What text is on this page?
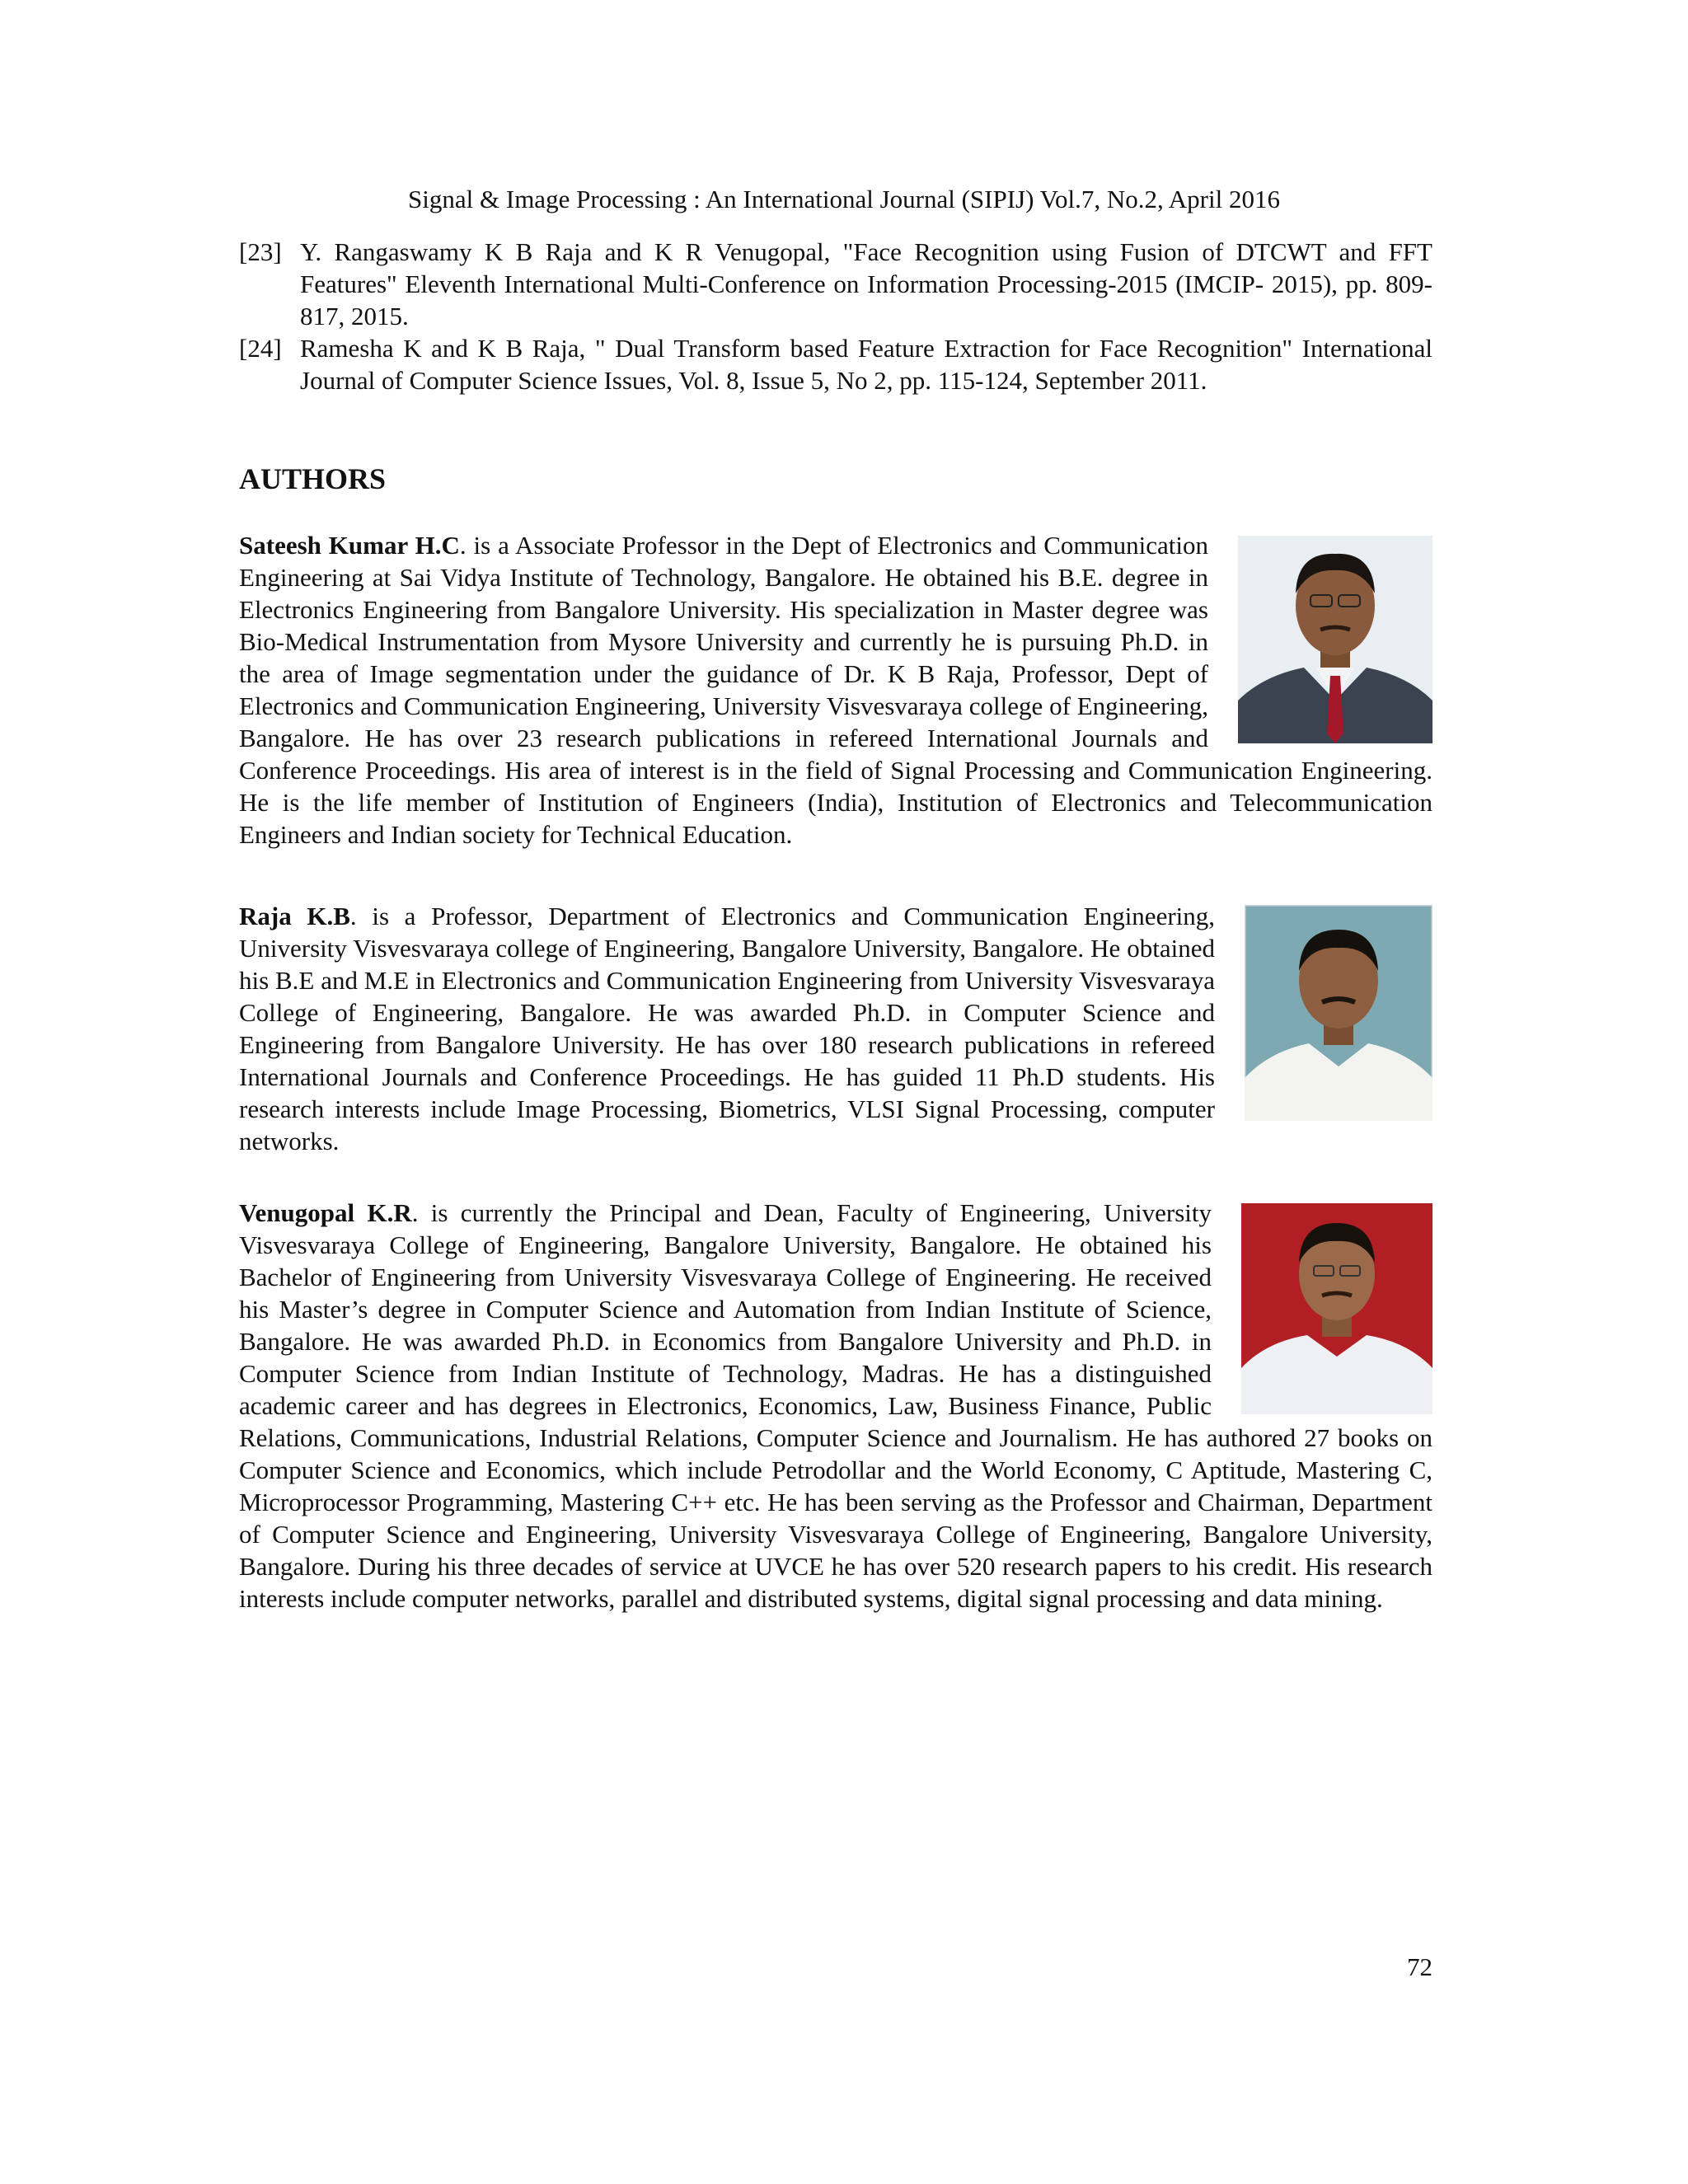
Signal & Image Processing : An International Journal (SIPIJ) Vol.7, No.2, April 2016
[23] Y. Rangaswamy K B Raja and K R Venugopal, "Face Recognition using Fusion of DTCWT and FFT Features" Eleventh International Multi-Conference on Information Processing-2015 (IMCIP- 2015), pp. 809-817, 2015.
[24] Ramesha K and K B Raja, " Dual Transform based Feature Extraction for Face Recognition" International Journal of Computer Science Issues, Vol. 8, Issue 5, No 2, pp. 115-124, September 2011.
AUTHORS

Sateesh Kumar H.C. is a Associate Professor in the Dept of Electronics and Communication Engineering at Sai Vidya Institute of Technology, Bangalore. He obtained his B.E. degree in Electronics Engineering from Bangalore University. His specialization in Master degree was Bio-Medical Instrumentation from Mysore University and currently he is pursuing Ph.D. in the area of Image segmentation under the guidance of Dr. K B Raja, Professor, Dept of Electronics and Communication Engineering, University Visvesvaraya college of Engineering, Bangalore. He has over 23 research publications in refereed International Journals and Conference Proceedings. His area of interest is in the field of Signal Processing and Communication Engineering. He is the life member of Institution of Engineers (India), Institution of Electronics and Telecommunication Engineers and Indian society for Technical Education.

Raja K.B. is a Professor, Department of Electronics and Communication Engineering, University Visvesvaraya college of Engineering, Bangalore University, Bangalore. He obtained his B.E and M.E in Electronics and Communication Engineering from University Visvesvaraya College of Engineering, Bangalore. He was awarded Ph.D. in Computer Science and Engineering from Bangalore University. He has over 180 research publications in refereed International Journals and Conference Proceedings. He has guided 11 Ph.D students. His research interests include Image Processing, Biometrics, VLSI Signal Processing, computer networks.

Venugopal K.R. is currently the Principal and Dean, Faculty of Engineering, University Visvesvaraya College of Engineering, Bangalore University, Bangalore. He obtained his Bachelor of Engineering from University Visvesvaraya College of Engineering. He received his Master’s degree in Computer Science and Automation from Indian Institute of Science, Bangalore. He was awarded Ph.D. in Economics from Bangalore University and Ph.D. in Computer Science from Indian Institute of Technology, Madras. He has a distinguished academic career and has degrees in Electronics, Economics, Law, Business Finance, Public Relations, Communications, Industrial Relations, Computer Science and Journalism. He has authored 27 books on Computer Science and Economics, which include Petrodollar and the World Economy, C Aptitude, Mastering C, Microprocessor Programming, Mastering C++ etc. He has been serving as the Professor and Chairman, Department of Computer Science and Engineering, University Visvesvaraya College of Engineering, Bangalore University, Bangalore. During his three decades of service at UVCE he has over 520 research papers to his credit. His research interests include computer networks, parallel and distributed systems, digital signal processing and data mining.

72
